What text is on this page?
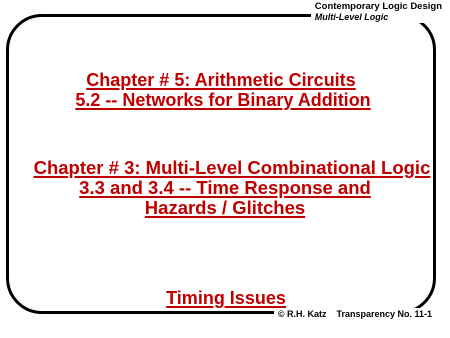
Contemporary Logic Design
Multi-Level Logic
Chapter # 5: Arithmetic Circuits
5.2 -- Networks for Binary Addition
Chapter # 3: Multi-Level Combinational Logic
3.3 and 3.4 -- Time Response and
Hazards / Glitches
Timing Issues
© R.H. Katz Transparency No. 11-1
